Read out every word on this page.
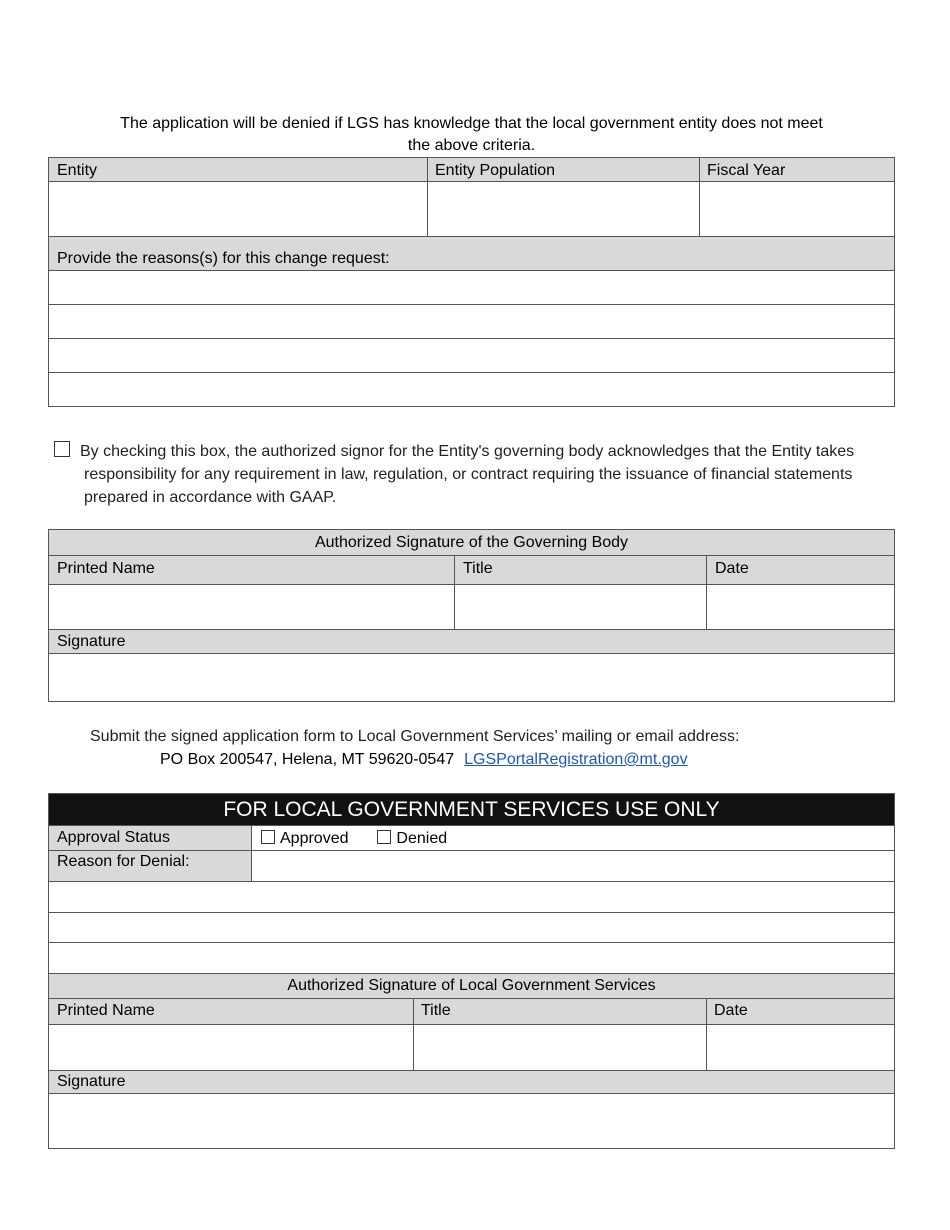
The application will be denied if LGS has knowledge that the local government entity does not meet
the above criteria.
Entity	Entity Population	Fiscal Year
Provide the reasons(s) for this change request:
By checking this box, the authorized signor for the Entity's governing body acknowledges that the Entity takes responsibility for any requirement in law, regulation, or contract requiring the issuance of financial statements prepared in accordance with GAAP.
Authorized Signature of the Governing Body
Printed Name	Title	Date
Signature
Submit the signed application form to Local Government Services’ mailing or email address:
PO Box 200547, Helena, MT 59620-0547 LGSPortalRegistration@mt.gov
FOR LOCAL GOVERNMENT SERVICES USE ONLY
Approval Status	Approved	Denied
Reason for Denial:
Authorized Signature of Local Government Services
Printed Name	Title	Date
Signature
